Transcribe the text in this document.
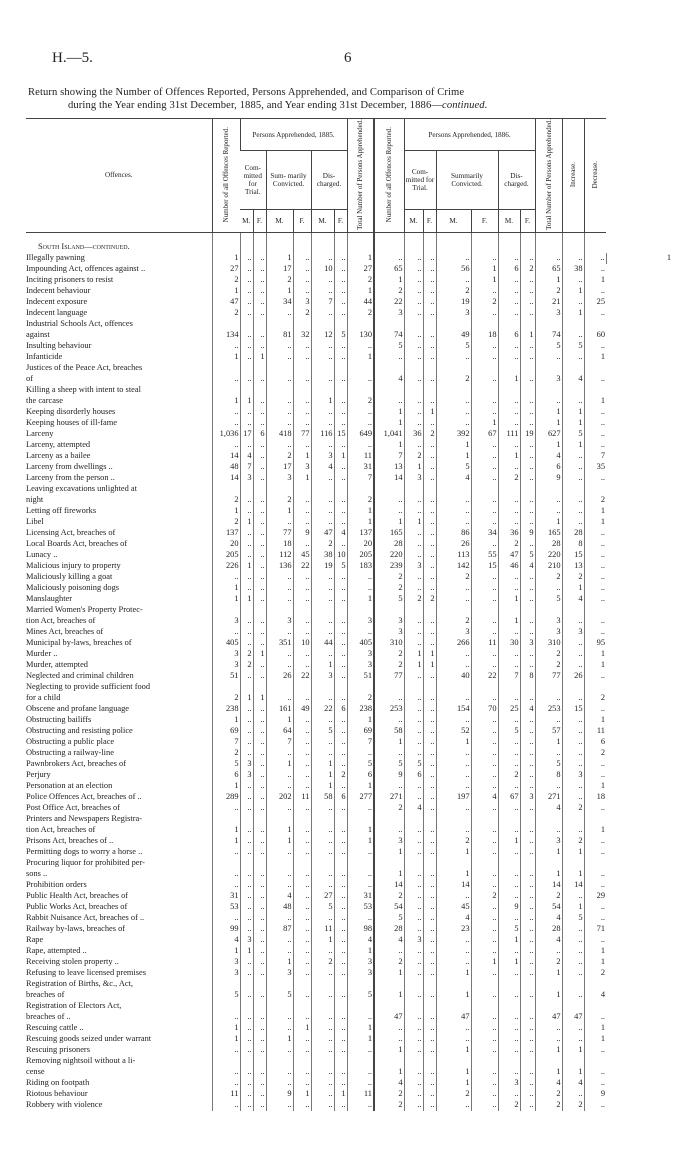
H.—5.	6
Return showing the Number of Offences Reported, Persons Apprehended, and Comparison of Crime
during the Year ending 31st December, 1885, and Year ending 31st December, 1886—continued.
Offences.	Number of all Offences Reported.	Persons Apprehended, 1885.						Total Number of Persons Apprehended.	Number of all Offences Reported.	Persons Apprehended, 1886.						Total Number of Persons Apprehended.	Increase.	Decrease.	
		Com- mitted for Trial.		Sum- marily Convicted.		Dis- charged.				Com- mitted for Trial.		Summarily Convicted.		Dis- charged.					
		M.	F.	M.	F.	M.	F.			M.	F.	M.	F.	M.	F.				

South Island—continued.																			
Illegally pawning	1	..	..	1	..	..	..	1	..	..	..	..	..	..	..	..	..	..	1
Impounding Act, offences against ..	27	..	..	17	..	10	..	27	65	..	..	56	1	6	2	65	38	..	
Inciting prisoners to resist	2	..	..	2	..	..	..	2	1	..	..	..	1	..	..	1	..	1	
Indecent behaviour	1	..	..	1	..	..	..	1	2	..	..	2	..	..	..	2	1	..	
Indecent exposure	47	..	..	34	3	7	..	44	22	..	..	19	2	..	..	21	..	25	
Indecent language	2	..	..	..	2	..	..	2	3	..	..	3	..	..	..	3	1	..	
Industrial Schools Act, offences																			
against	134	..	..	81	32	12	5	130	74	..	..	49	18	6	1	74	..	60	
Insulting behaviour	..	..	..	..	..	..	..	..	5	..	..	5	..	..	..	5	5	..	
Infanticide	1	..	1	..	..	..	..	1	..	..	..	..	..	..	..	..	..	1	
Justices of the Peace Act, breaches																			
of	..	..	..	..	..	..	..	..	4	..	..	2	..	1	..	3	4	..	
Killing a sheep with intent to steal																			
the carcase	1	1	..	..	..	1	..	2	..	..	..	..	..	..	..	..	..	1	
Keeping disorderly houses	..	..	..	..	..	..	..	..	1	..	1	..	..	..	..	1	1	..	
Keeping houses of ill-fame	..	..	..	..	..	..	..	..	1	..	..	..	1	..	..	1	1	..	
Larceny	1,036	17	6	418	77	116	15	649	1,041	36	2	392	67	111	19	627	5	..	
Larceny, attempted	..	..	..	..	..	..	..	..	1	..	..	1	..	..	..	1	1	..	
Larceny as a bailee	14	4	..	2	1	3	1	11	7	2	..	1	..	1	..	4	..	7	
Larceny from dwellings ..	48	7	..	17	3	4	..	31	13	1	..	5	..	..	..	6	..	35	
Larceny from the person ..	14	3	..	3	1	..	..	7	14	3	..	4	..	2	..	9	..	..	
Leaving excavations unlighted at																			
night	2	..	..	2	..	..	..	2	..	..	..	..	..	..	..	..	..	2	
Letting off fireworks	1	..	..	1	..	..	..	1	..	..	..	..	..	..	..	..	..	1	
Libel	2	1	..	..	..	..	..	1	1	1	..	..	..	..	..	1	..	1	
Licensing Act, breaches of	137	..	..	77	9	47	4	137	165	..	..	86	34	36	9	165	28	..	
Local Boards Act, breaches of	20	..	..	18	..	2	..	20	28	..	..	26	..	2	..	28	8	..	
Lunacy ..	205	..	..	112	45	38	10	205	220	..	..	113	55	47	5	220	15	..	
Malicious injury to property	226	1	..	136	22	19	5	183	239	3	..	142	15	46	4	210	13	..	
Maliciously killing a goat	..	..	..	..	..	..	..	..	2	..	..	2	..	..	..	2	2	..	
Maliciously poisoning dogs	1	..	..	..	..	..	..	..	2	..	..	..	..	..	..	..	1	..	
Manslaughter	1	1	..	..	..	..	..	1	5	2	2	..	..	1	..	5	4	..	
Married Women's Property Protec-																			
tion Act, breaches of	3	..	..	3	..	..	..	3	3	..	..	2	..	1	..	3	..	..	
Mines Act, breaches of	..	..	..	..	..	..	..	..	3	..	..	3	..	..	..	3	3	..	
Municipal by-laws, breaches of	405	..	..	351	10	44	..	405	310	..	..	266	11	30	3	310	..	95	
Murder ..	3	2	1	..	..	..	..	3	2	1	1	..	..	..	..	2	..	1	
Murder, attempted	3	2	..	..	..	1	..	3	2	1	1	..	..	..	..	2	..	1	
Neglected and criminal children	51	..	..	26	22	3	..	51	77	..	..	40	22	7	8	77	26	..	
Neglecting to provide sufficient food																			
for a child	2	1	1	..	..	..	..	2	..	..	..	..	..	..	..	..	..	2	
Obscene and profane language	238	..	..	161	49	22	6	238	253	..	..	154	70	25	4	253	15	..	
Obstructing bailiffs	1	..	..	1	..	..	..	1	..	..	..	..	..	..	..	..	..	1	
Obstructing and resisting police	69	..	..	64	..	5	..	69	58	..	..	52	..	5	..	57	..	11	
Obstructing a public place	7	..	..	7	..	..	..	7	1	..	..	1	..	..	..	1	..	6	
Obstructing a railway-line	2	..	..	..	..	..	..	..	..	..	..	..	..	..	..	..	..	2	
Pawnbrokers Act, breaches of	5	3	..	1	..	1	..	5	5	5	..	..	..	..	..	5	..	..	
Perjury	6	3	..	..	..	1	2	6	9	6	..	..	..	2	..	8	3	..	
Personation at an election	1	..	..	..	..	1	..	1	..	..	..	..	..	..	..	..	..	1	
Police Offences Act, breaches of ..	289	..	..	202	11	58	6	277	271	..	..	197	4	67	3	271	..	18	
Post Office Act, breaches of	..	..	..	..	..	..	..	..	2	4	..	..	..	..	..	4	2	..	
Printers and Newspapers Registra-																			
tion Act, breaches of	1	..	..	1	..	..	..	1	..	..	..	..	..	..	..	..	..	1	
Prisons Act, breaches of ..	1	..	..	1	..	..	..	1	3	..	..	2	..	1	..	3	2	..	
Permitting dogs to worry a horse ..	..	..	..	..	..	..	..	..	1	..	..	1	..	..	..	1	1	..	
Procuring liquor for prohibited per-																			
sons ..	..	..	..	..	..	..	..	..	1	..	..	1	..	..	..	1	1	..	
Prohibition orders	..	..	..	..	..	..	..	..	14	..	..	14	..	..	..	14	14	..	
Public Health Act, breaches of	31	..	..	4	..	27	..	31	2	..	..	..	2	..	..	2	..	29	
Public Works Act, breaches of	53	..	..	48	..	5	..	53	54	..	..	45	..	9	..	54	1	..	
Rabbit Nuisance Act, breaches of ..	..	..	..	..	..	..	..	..	5	..	..	4	..	..	..	4	5	..	
Railway by-laws, breaches of	99	..	..	87	..	11	..	98	28	..	..	23	..	5	..	28	..	71	
Rape	4	3	..	..	..	1	..	4	4	3	..	..	..	1	..	4	..	..	
Rape, attempted ..	1	1	..	..	..	..	..	1	..	..	..	..	..	..	..	..	..	1	
Receiving stolen property ..	3	..	..	1	..	2	..	3	2	..	..	..	1	1	..	2	..	1	
Refusing to leave licensed premises	3	..	..	3	..	..	..	3	1	..	..	1	..	..	..	1	..	2	
Registration of Births, &c., Act,																			
breaches of	5	..	..	5	..	..	..	5	1	..	..	1	..	..	..	1	..	4	
Registration of Electors Act,																			
breaches of ..	..	..	..	..	..	..	..	..	47	..	..	47	..	..	..	47	47	..	
Rescuing cattle ..	1	..	..	..	1	..	..	1	..	..	..	..	..	..	..	..	..	1	
Rescuing goods seized under warrant	1	..	..	1	..	..	..	1	..	..	..	..	..	..	..	..	..	1	
Rescuing prisoners	..	..	..	..	..	..	..	..	1	..	..	1	..	..	..	1	1	..	
Removing nightsoil without a li-																			
cense	..	..	..	..	..	..	..	..	1	..	..	1	..	..	..	1	1	..	
Riding on footpath	..	..	..	..	..	..	..	..	4	..	..	1	..	3	..	4	4	..	
Riotous behaviour	11	..	..	9	1	..	1	11	2	..	..	2	..	..	..	2	..	9	
Robbery with violence	..	..	..	..	..	..	..	..	2	..	..	..	..	2	..	2	2	..	
